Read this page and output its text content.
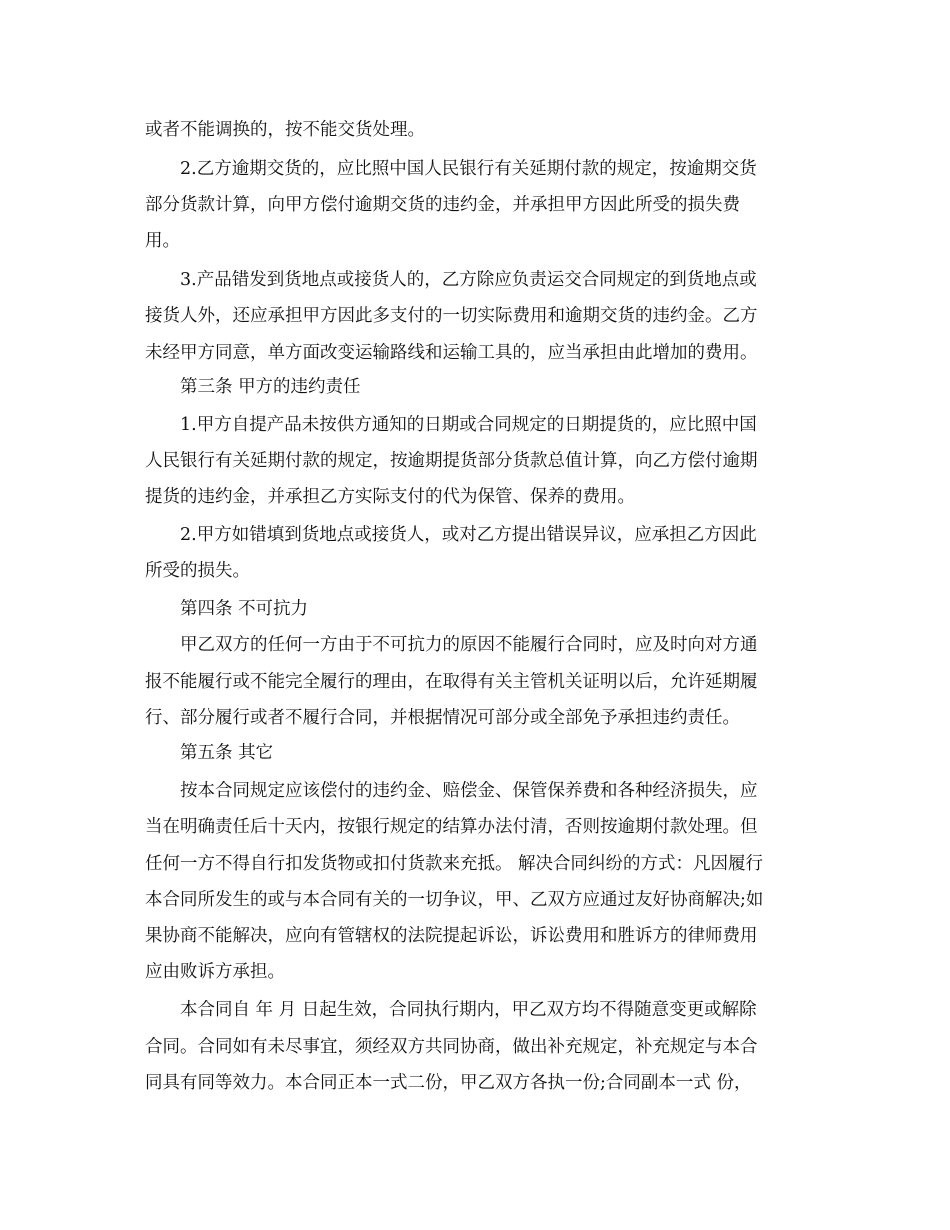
或者不能调换的，按不能交货处理。
2.乙方逾期交货的，应比照中国人民银行有关延期付款的规定，按逾期交货
部分货款计算，向甲方偿付逾期交货的违约金，并承担甲方因此所受的损失费
用。
3.产品错发到货地点或接货人的，乙方除应负责运交合同规定的到货地点或
接货人外，还应承担甲方因此多支付的一切实际费用和逾期交货的违约金。乙方
未经甲方同意，单方面改变运输路线和运输工具的，应当承担由此增加的费用。
第三条 甲方的违约责任
1.甲方自提产品未按供方通知的日期或合同规定的日期提货的，应比照中国
人民银行有关延期付款的规定，按逾期提货部分货款总值计算，向乙方偿付逾期
提货的违约金，并承担乙方实际支付的代为保管、保养的费用。
2.甲方如错填到货地点或接货人，或对乙方提出错误异议，应承担乙方因此
所受的损失。
第四条 不可抗力
甲乙双方的任何一方由于不可抗力的原因不能履行合同时，应及时向对方通
报不能履行或不能完全履行的理由，在取得有关主管机关证明以后，允许延期履
行、部分履行或者不履行合同，并根据情况可部分或全部免予承担违约责任。
第五条 其它
按本合同规定应该偿付的违约金、赔偿金、保管保养费和各种经济损失，应
当在明确责任后十天内，按银行规定的结算办法付清，否则按逾期付款处理。但
任何一方不得自行扣发货物或扣付货款来充抵。 解决合同纠纷的方式：凡因履行
本合同所发生的或与本合同有关的一切争议，甲、乙双方应通过友好协商解决;如
果协商不能解决，应向有管辖权的法院提起诉讼，诉讼费用和胜诉方的律师费用
应由败诉方承担。
本合同自 年 月 日起生效，合同执行期内，甲乙双方均不得随意变更或解除
合同。合同如有未尽事宜，须经双方共同协商，做出补充规定，补充规定与本合
同具有同等效力。本合同正本一式二份，甲乙双方各执一份;合同副本一式 份，
